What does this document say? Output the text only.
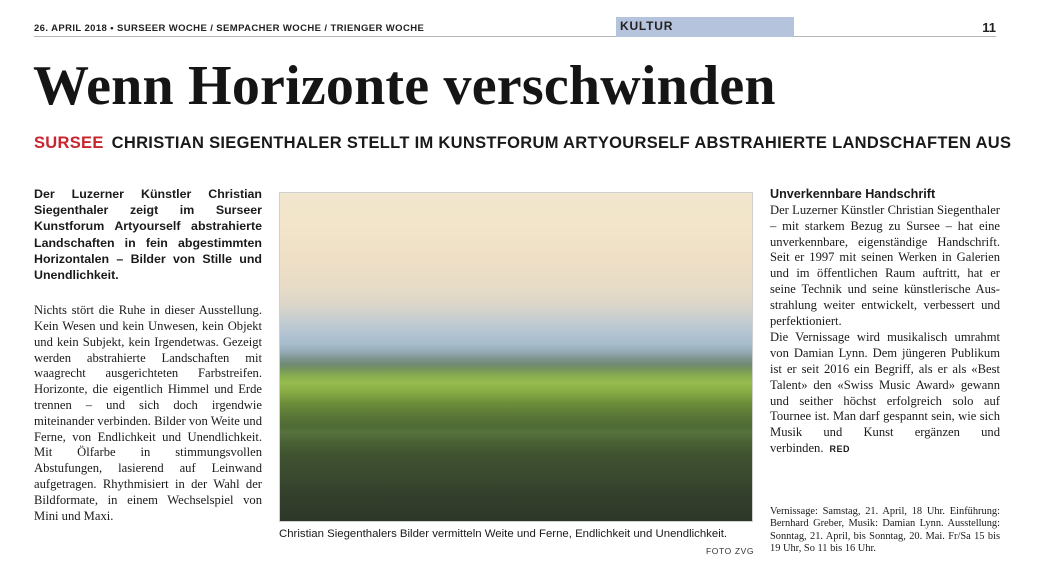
26. APRIL 2018 • SURSEER WOCHE / SEMPACHER WOCHE / TRIENGER WOCHE	KULTUR	11
Wenn Horizonte verschwinden
SURSEE CHRISTIAN SIEGENTHALER STELLT IM KUNSTFORUM ARTYOURSELF ABSTRAHIERTE LANDSCHAFTEN AUS

Der Luzerner Künstler Christian Siegenthaler zeigt im Surseer Kunstforum Artyourself abstrahierte Landschaften in fein abgestimmten Horizontalen – Bilder von Stille und Unendlichkeit.

Nichts stört die Ruhe in dieser Ausstellung. Kein Wesen und kein Unwesen, kein Objekt und kein Subjekt, kein Irgendetwas. Gezeigt werden abstrahierte Landschaften mit waagrecht ausgerichteten Farbstreifen. Horizonte, die eigentlich Himmel und Erde trennen – und sich doch irgendwie miteinander verbinden. Bilder von Weite und Ferne, von Endlichkeit und Unendlichkeit. Mit Ölfarbe in stimmungsvollen Abstufungen, lasierend auf Leinwand aufgetragen. Rhythmisiert in der Wahl der Bildformate, in einem Wechselspiel von Mini und Maxi.

Christian Siegenthalers Bilder vermitteln Weite und Ferne, Endlichkeit und Unendlichkeit.

FOTO ZVG
Unverkennbare Handschrift

Der Luzerner Künstler Christian Siegenthaler – mit starkem Bezug zu Sursee – hat eine unverkennbare, eigenständige Handschrift. Seit er 1997 mit seinen Werken in Galerien und im öffentlichen Raum auftritt, hat er seine Technik und seine künstlerische Ausstrahlung weiter entwickelt, verbessert und perfektioniert.

Die Vernissage wird musikalisch umrahmt von Damian Lynn. Dem jüngeren Publikum ist er seit 2016 ein Begriff, als er als «Best Talent» den «Swiss Music Award» gewann und seither höchst erfolgreich solo auf Tournee ist. Man darf gespannt sein, wie sich Musik und Kunst ergänzen und verbinden. RED

Vernissage: Samstag, 21. April, 18 Uhr. Einführung: Bernhard Greber, Musik: Damian Lynn. Ausstellung: Sonntag, 21. April, bis Sonntag, 20. Mai. Fr/Sa 15 bis 19 Uhr, So 11 bis 16 Uhr.
